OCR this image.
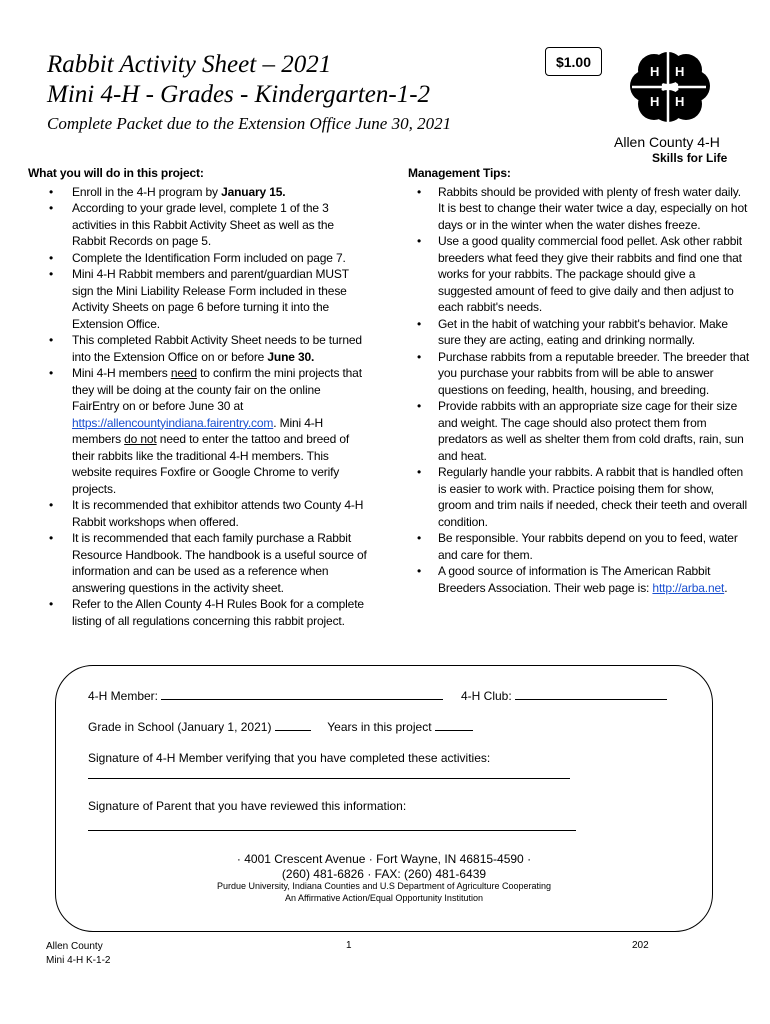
Rabbit Activity Sheet – 2021
Mini 4-H - Grades - Kindergarten-1-2
Complete Packet due to the Extension Office June 30, 2021
$1.00
H H
H H
Allen County 4-H
Skills for Life
What you will do in this project:
• Enroll in the 4-H program by January 15.
• According to your grade level, complete 1 of the 3 activities in this Rabbit Activity Sheet as well as the Rabbit Records on page 5.
• Complete the Identification Form included on page 7.
• Mini 4-H Rabbit members and parent/guardian MUST sign the Mini Liability Release Form included in these Activity Sheets on page 6 before turning it into the Extension Office.
• This completed Rabbit Activity Sheet needs to be turned into the Extension Office on or before June 30.
• Mini 4-H members need to confirm the mini projects that they will be doing at the county fair on the online FairEntry on or before June 30 at https://allencountyindiana.fairentry.com. Mini 4-H members do not need to enter the tattoo and breed of their rabbits like the traditional 4-H members. This website requires Foxfire or Google Chrome to verify projects.
• It is recommended that exhibitor attends two County 4-H Rabbit workshops when offered.
• It is recommended that each family purchase a Rabbit Resource Handbook. The handbook is a useful source of information and can be used as a reference when answering questions in the activity sheet.
• Refer to the Allen County 4-H Rules Book for a complete listing of all regulations concerning this rabbit project.
Management Tips:
• Rabbits should be provided with plenty of fresh water daily. It is best to change their water twice a day, especially on hot days or in the winter when the water dishes freeze.
• Use a good quality commercial food pellet. Ask other rabbit breeders what feed they give their rabbits and find one that works for your rabbits. The package should give a suggested amount of feed to give daily and then adjust to each rabbit's needs.
• Get in the habit of watching your rabbit's behavior. Make sure they are acting, eating and drinking normally.
• Purchase rabbits from a reputable breeder. The breeder that you purchase your rabbits from will be able to answer questions on feeding, health, housing, and breeding.
• Provide rabbits with an appropriate size cage for their size and weight. The cage should also protect them from predators as well as shelter them from cold drafts, rain, sun and heat.
• Regularly handle your rabbits. A rabbit that is handled often is easier to work with. Practice poising them for show, groom and trim nails if needed, check their teeth and overall condition.
• Be responsible. Your rabbits depend on you to feed, water and care for them.
• A good source of information is The American Rabbit Breeders Association. Their web page is: http://arba.net.
4-H Member:	4-H Club:
Grade in School (January 1, 2021)	Years in this project
Signature of 4-H Member verifying that you have completed these activities:
Signature of Parent that you have reviewed this information:
· 4001 Crescent Avenue · Fort Wayne, IN 46815-4590 ·
(260) 481-6826 · FAX: (260) 481-6439
Purdue University, Indiana Counties and U.S Department of Agriculture Cooperating
An Affirmative Action/Equal Opportunity Institution
Allen County
Mini 4-H K-1-2
1	202
